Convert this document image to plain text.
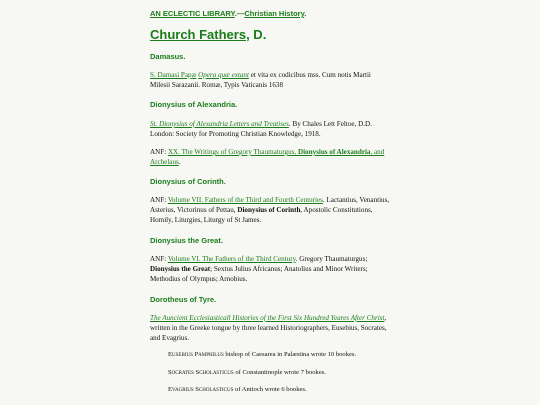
AN ECLECTIC LIBRARY.—Christian History.
Church Fathers, D.
Damasus.
S. Damasi Papæ Opera quæ extant et vita ex codicibus mss. Cum notis Martii Milesii Sarazanii. Romæ, Typis Vaticanis 1638
Dionysius of Alexandria.
St. Dionysius of Alexandria Letters and Treatises. By Chales Lett Feltoe, D.D. London: Society for Promoting Christian Knowledge, 1918.
ANF: XX. The Writings of Gregory Thaumaturgus, Dionysius of Alexandria, and Archelaus.
Dionysius of Corinth.
ANF: Volume VII. Fathers of the Third and Fourth Centuries. Lactantius, Venantius, Asterius, Victorinus of Pettau, Dionysius of Corinth, Apostolic Constitutions, Homily, Liturgies, Liturgy of St James.
Dionysius the Great.
ANF: Volume VI. The Fathers of the Third Century. Gregory Thaumaturgus; Dionysius the Great; Sextus Julius Africanus; Anatolius and Minor Writers; Methodius of Olympus; Arnobius.
Dorotheus of Tyre.
The Auncient Ecclesiasticall Histories of the First Six Hundred Yeares After Christ, written in the Greeke tongue by three learned Historiographers, Eusebius, Socrates, and Evagrius.
Eusebius Pamphilus bishop of Caesarea in Palæstina wrote 10 bookes.
Socrates Scholasticus of Constantinople wrote 7 bookes.
Evagrius Scholasticus of Antioch wrote 6 bookes.
